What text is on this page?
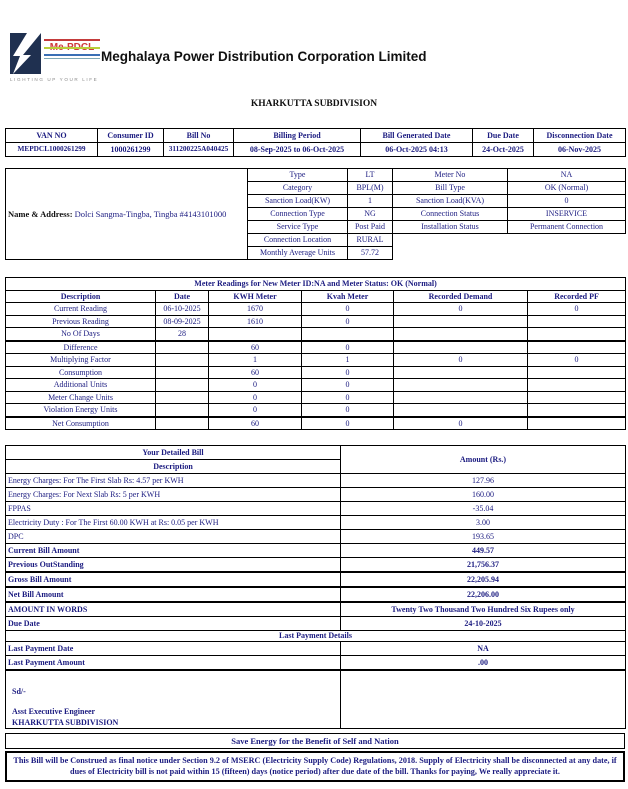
LIGHTING UP YOUR LIFE
Meghalaya Power Distribution Corporation Limited
KHARKUTTA SUBDIVISION
VAN NO	Consumer ID	Bill No	Billing Period	Bill Generated Date	Due Date	Disconnection Date
MEPDCL1000261299	1000261299	311200225A040425	08-Sep-2025 to 06-Oct-2025	06-Oct-2025 04:13	24-Oct-2025	06-Nov-2025
Name & Address: Dolci Sangma-Tingba, Tingba #4143101000	Type	LT	Meter No	NA
	Category	BPL(M)	Bill Type	OK (Normal)
	Sanction Load(KW)	1	Sanction Load(KVA)	0
	Connection Type	NG	Connection Status	INSERVICE
	Service Type	Post Paid	Installation Status	Permanent Connection
	Connection Location	RURAL		
	Monthly Average Units	57.72		
Meter Readings for New Meter ID:NA and Meter Status: OK (Normal)					
Description	Date	KWH Meter	Kvah Meter	Recorded Demand	Recorded PF
Current Reading	06-10-2025	1670	0	0	0
Previous Reading	08-09-2025	1610	0		
No Of Days	28				
Difference		60	0		
Multiplying Factor		1	1	0	0
Consumption		60	0		
Additional Units		0	0		
Meter Change Units		0	0		
Violation Energy Units		0	0		
Net Consumption		60	0	0	
Your Detailed Bill	Amount (Rs.)
Description	
Energy Charges: For The First Slab Rs: 4.57 per KWH	127.96
Energy Charges: For Next Slab Rs: 5 per KWH	160.00
FPPAS	-35.04
Electricity Duty : For The First 60.00 KWH at Rs: 0.05 per KWH	3.00
DPC	193.65
Current Bill Amount	449.57
Previous OutStanding	21,756.37
Gross Bill Amount	22,205.94
Net Bill Amount	22,206.00
AMOUNT IN WORDS	Twenty Two Thousand Two Hundred Six Rupees only
Due Date	24-10-2025
Last Payment Details	
Last Payment Date	NA
Last Payment Amount	.00

Sd/-
Asst Executive Engineer
KHARKUTTA SUBDIVISION	

Save Energy for the Benefit of Self and Nation
This Bill will be Construed as final notice under Section 9.2 of MSERC (Electricity Supply Code) Regulations, 2018. Supply of Electricity shall be disconnected at any date, if dues of Electricity bill is not paid within 15 (fifteen) days (notice period) after due date of the bill. Thanks for paying, We really appreciate it.
